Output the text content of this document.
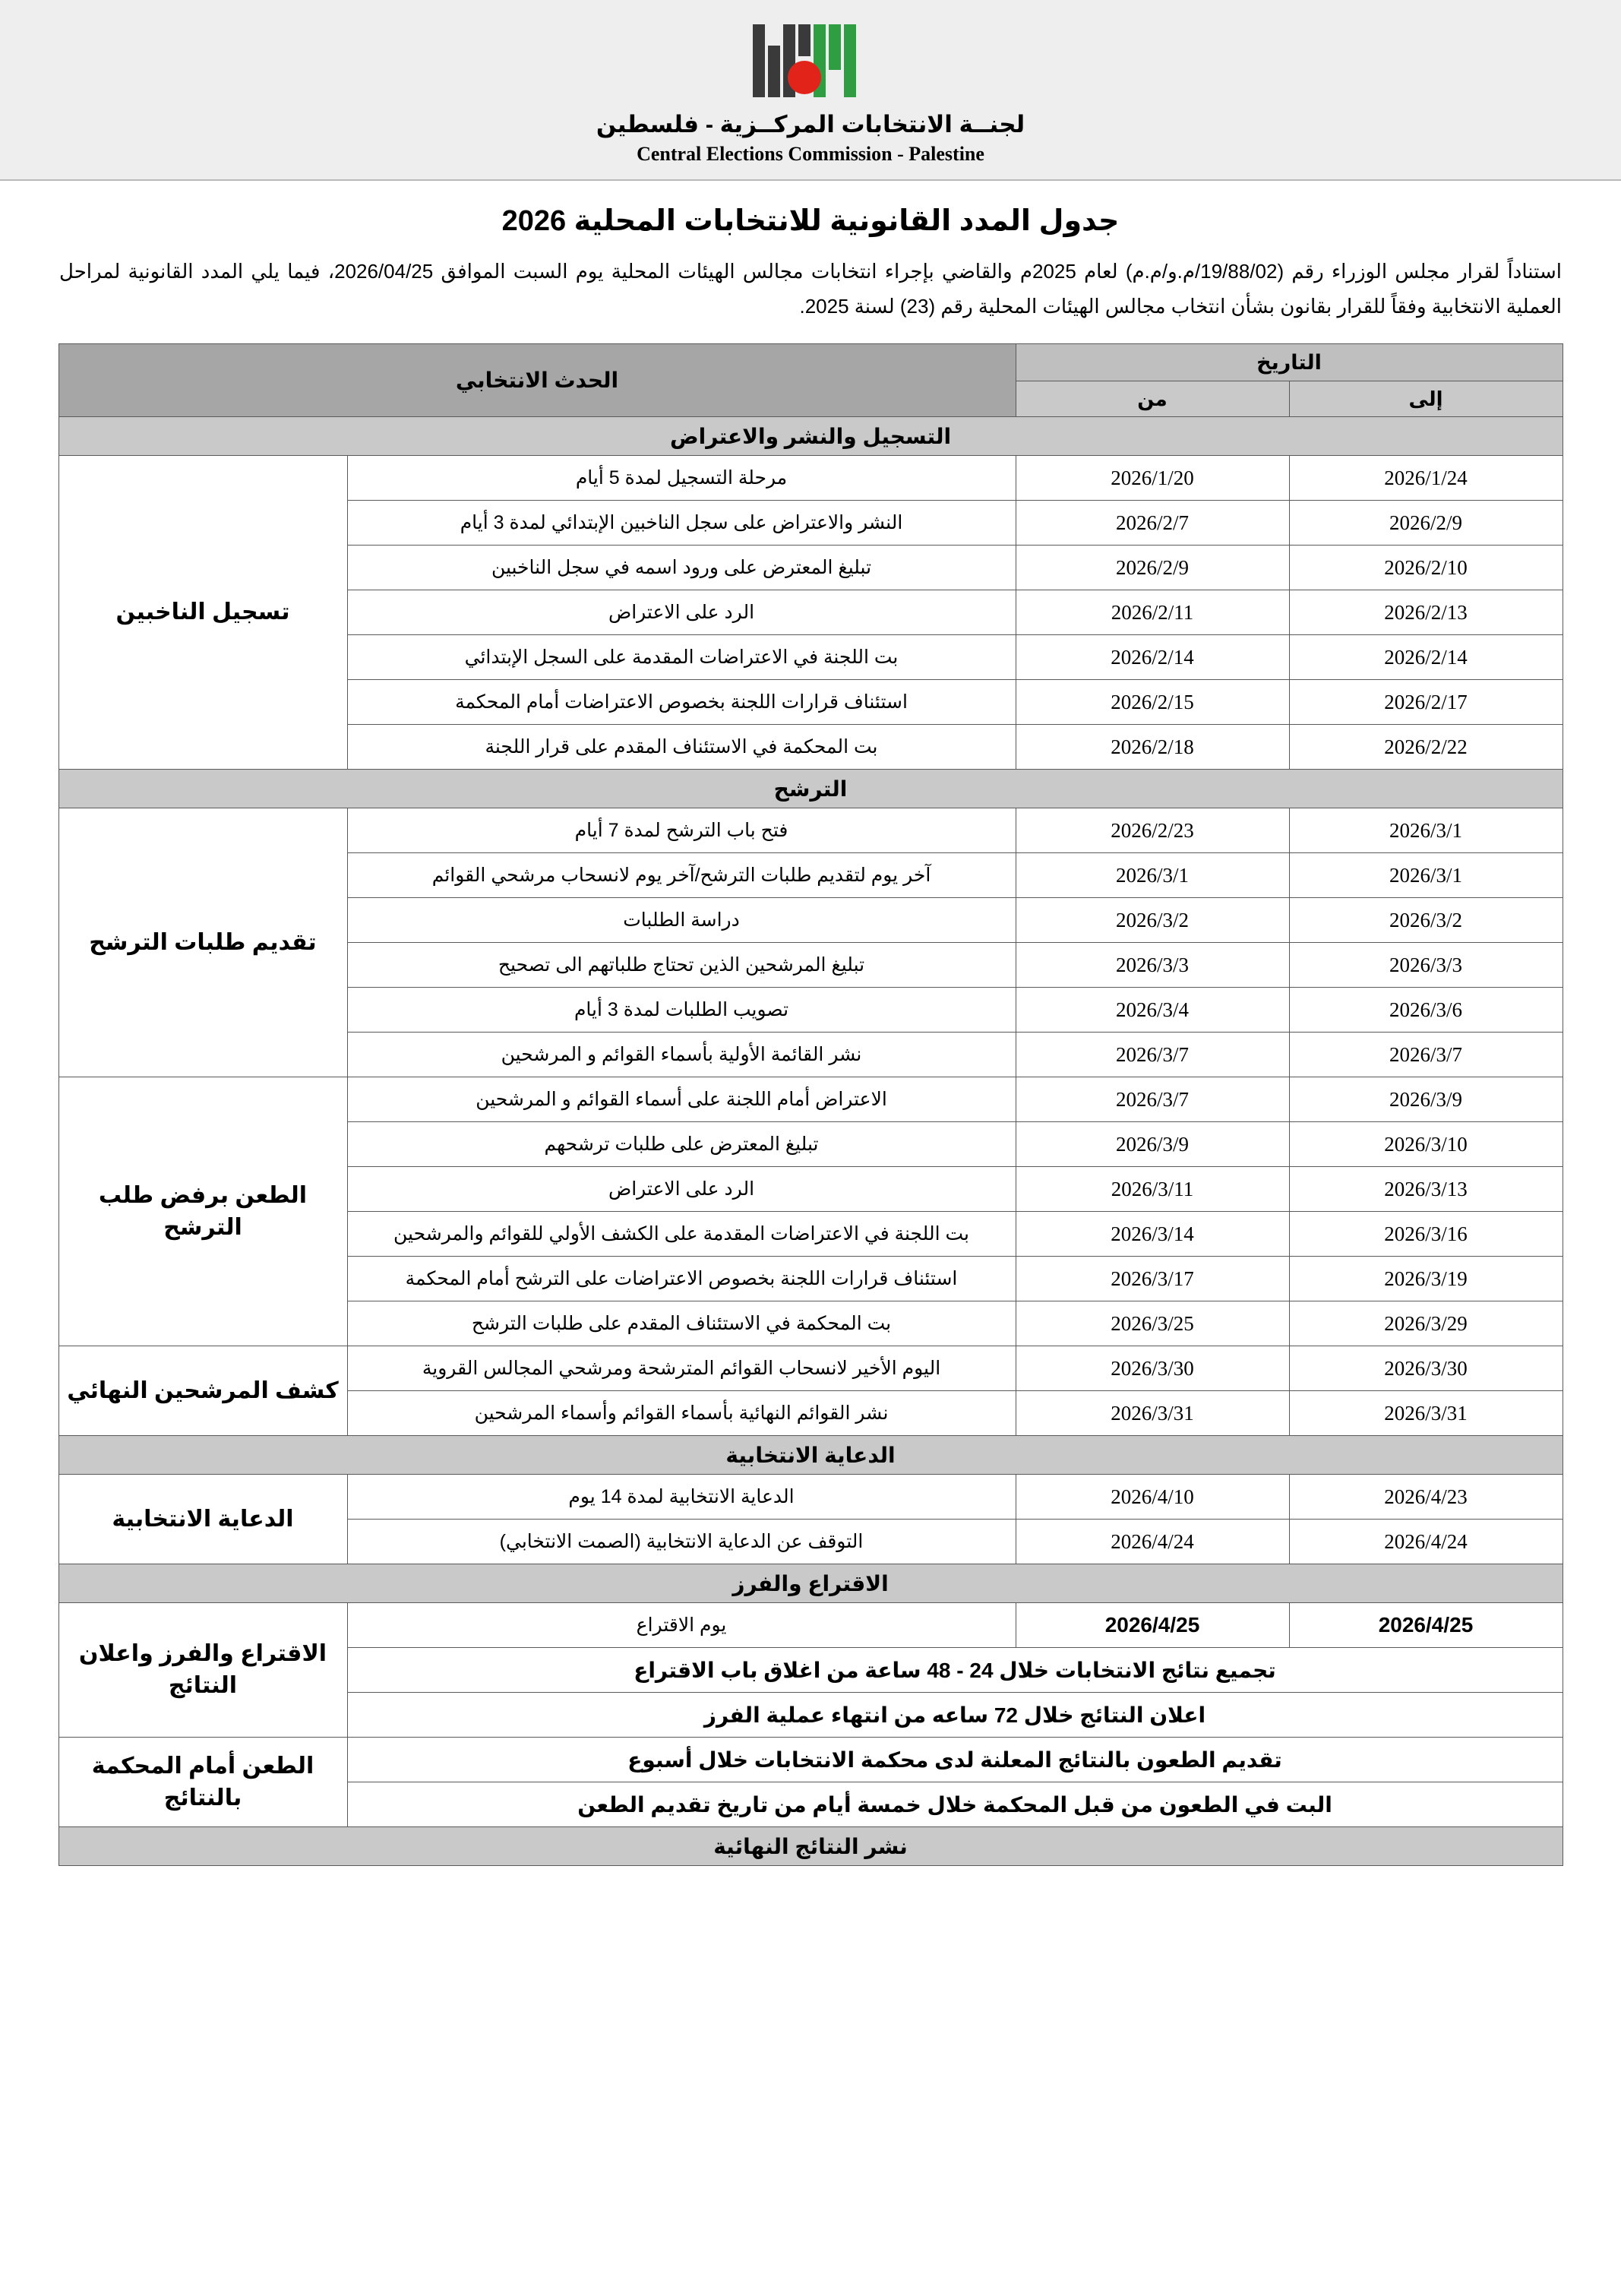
لجنــة الانتخابات المركــزية - فلسطين
Central Elections Commission - Palestine
جدول المدد القانونية للانتخابات المحلية 2026
استناداً لقرار مجلس الوزراء رقم (19/88/02/م.و/م.م) لعام 2025م والقاضي بإجراء انتخابات مجالس الهيئات المحلية يوم السبت الموافق 2026/04/25، فيما يلي المدد القانونية لمراحل العملية الانتخابية وفقاً للقرار بقانون بشأن انتخاب مجالس الهيئات المحلية رقم (23) لسنة 2025.
التاريخ		الحدث الانتخابي	
إلى	من		
التسجيل والنشر والاعتراض			
2026/1/24	2026/1/20	مرحلة التسجيل لمدة 5 أيام	تسجيل الناخبين
2026/2/9	2026/2/7	النشر والاعتراض على سجل الناخبين الإبتدائي لمدة 3 أيام	
2026/2/10	2026/2/9	تبليغ المعترض على ورود اسمه في سجل الناخبين	
2026/2/13	2026/2/11	الرد على الاعتراض	
2026/2/14	2026/2/14	بت اللجنة في الاعتراضات المقدمة على السجل الإبتدائي	
2026/2/17	2026/2/15	استئناف قرارات اللجنة بخصوص الاعتراضات أمام المحكمة	
2026/2/22	2026/2/18	بت المحكمة في الاستئناف المقدم على قرار اللجنة	
الترشح			
2026/3/1	2026/2/23	فتح باب الترشح لمدة 7 أيام	تقديم طلبات الترشح
2026/3/1	2026/3/1	آخر يوم لتقديم طلبات الترشح/آخر يوم لانسحاب مرشحي القوائم	
2026/3/2	2026/3/2	دراسة الطلبات	
2026/3/3	2026/3/3	تبليغ المرشحين الذين تحتاج طلباتهم الى تصحيح	
2026/3/6	2026/3/4	تصويب الطلبات لمدة 3 أيام	
2026/3/7	2026/3/7	نشر القائمة الأولية بأسماء القوائم و المرشحين	
2026/3/9	2026/3/7	الاعتراض أمام اللجنة على أسماء القوائم و المرشحين	الطعن برفض طلب الترشح
2026/3/10	2026/3/9	تبليغ المعترض على طلبات ترشحهم	
2026/3/13	2026/3/11	الرد على الاعتراض	
2026/3/16	2026/3/14	بت اللجنة في الاعتراضات المقدمة على الكشف الأولي للقوائم والمرشحين	
2026/3/19	2026/3/17	استئناف قرارات اللجنة بخصوص الاعتراضات على الترشح أمام المحكمة	
2026/3/29	2026/3/25	بت المحكمة في الاستئناف المقدم على طلبات الترشح	
2026/3/30	2026/3/30	اليوم الأخير لانسحاب القوائم المترشحة ومرشحي المجالس القروية	كشف المرشحين النهائي
2026/3/31	2026/3/31	نشر القوائم النهائية بأسماء القوائم وأسماء المرشحين	
الدعاية الانتخابية			
2026/4/23	2026/4/10	الدعاية الانتخابية لمدة 14 يوم	الدعاية الانتخابية
2026/4/24	2026/4/24	التوقف عن الدعاية الانتخابية (الصمت الانتخابي)	
الاقتراع والفرز			
2026/4/25	2026/4/25	يوم الاقتراع	الاقتراع والفرز واعلان النتائج
تجميع نتائج الانتخابات خلال 24 - 48 ساعة من اغلاق باب الاقتراع			
اعلان النتائج خلال 72 ساعه من انتهاء عملية الفرز			
تقديم الطعون بالنتائج المعلنة لدى محكمة الانتخابات خلال أسبوع			الطعن أمام المحكمة بالنتائج
البت في الطعون من قبل المحكمة خلال خمسة أيام من تاريخ تقديم الطعن			
نشر النتائج النهائية			
